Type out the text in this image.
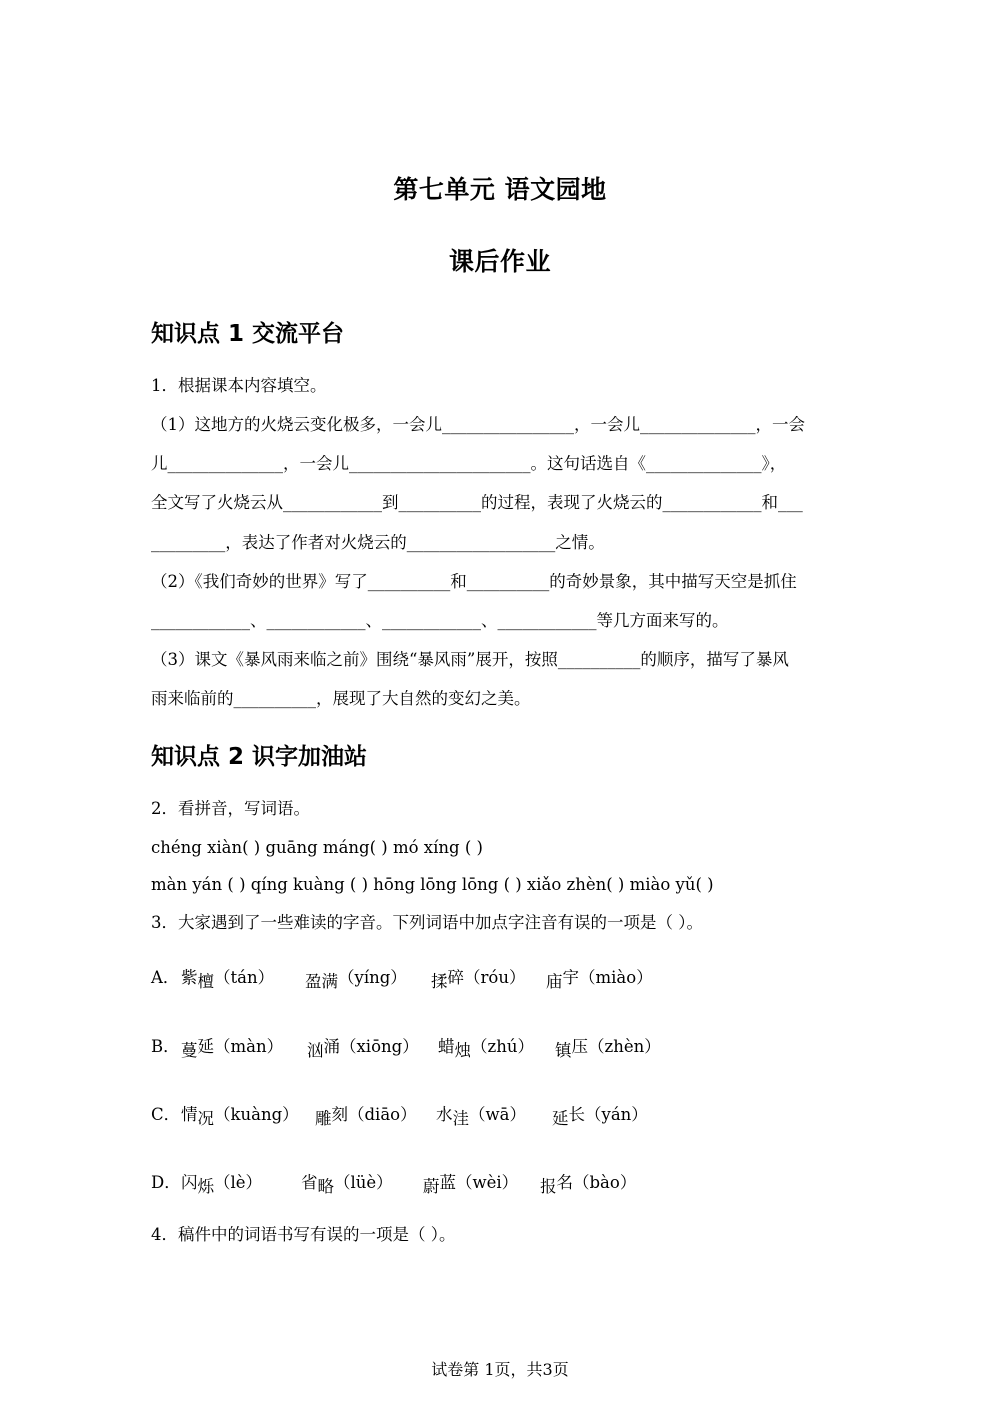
第七单元 语文园地
课后作业
知识点 1 交流平台
1．根据课本内容填空。
（1）这地方的火烧云变化极多，一会儿________________，一会儿______________，一会
儿______________，一会儿______________________。这句话选自《______________》，
全文写了火烧云从____________到__________的过程，表现了火烧云的____________和___
_________，表达了作者对火烧云的__________________之情。
（2）《我们奇妙的世界》写了__________和__________的奇妙景象，其中描写天空是抓住
____________、____________、____________、____________等几方面来写的。
（3）课文《暴风雨来临之前》围绕“暴风雨”展开，按照__________的顺序，描写了暴风
雨来临前的__________，展现了大自然的变幻之美。
知识点 2 识字加油站
2．看拼音，写词语。
chéng xiàn( ) guāng máng( ) mó xíng ( )
màn yán ( ) qíng kuàng ( ) hōng lōng lōng ( ) xiǎo zhèn( ) miào yǔ( )
3．大家遇到了一些难读的字音。下列词语中加点字注音有误的一项是（ ）。
A． 紫檀（tán） 盈满（yíng） 揉碎（róu） 庙宇（miào）
B． 蔓延（màn） 汹涌（xiōng） 蜡烛（zhú） 镇压（zhèn）
C． 情况（kuàng） 雕刻（diāo） 水洼（wā） 延长（yán）
D． 闪烁（lè） 省略（lüè） 蔚蓝（wèi） 报名（bào）
4．稿件中的词语书写有误的一项是（ ）。
试卷第 1页，共3页
